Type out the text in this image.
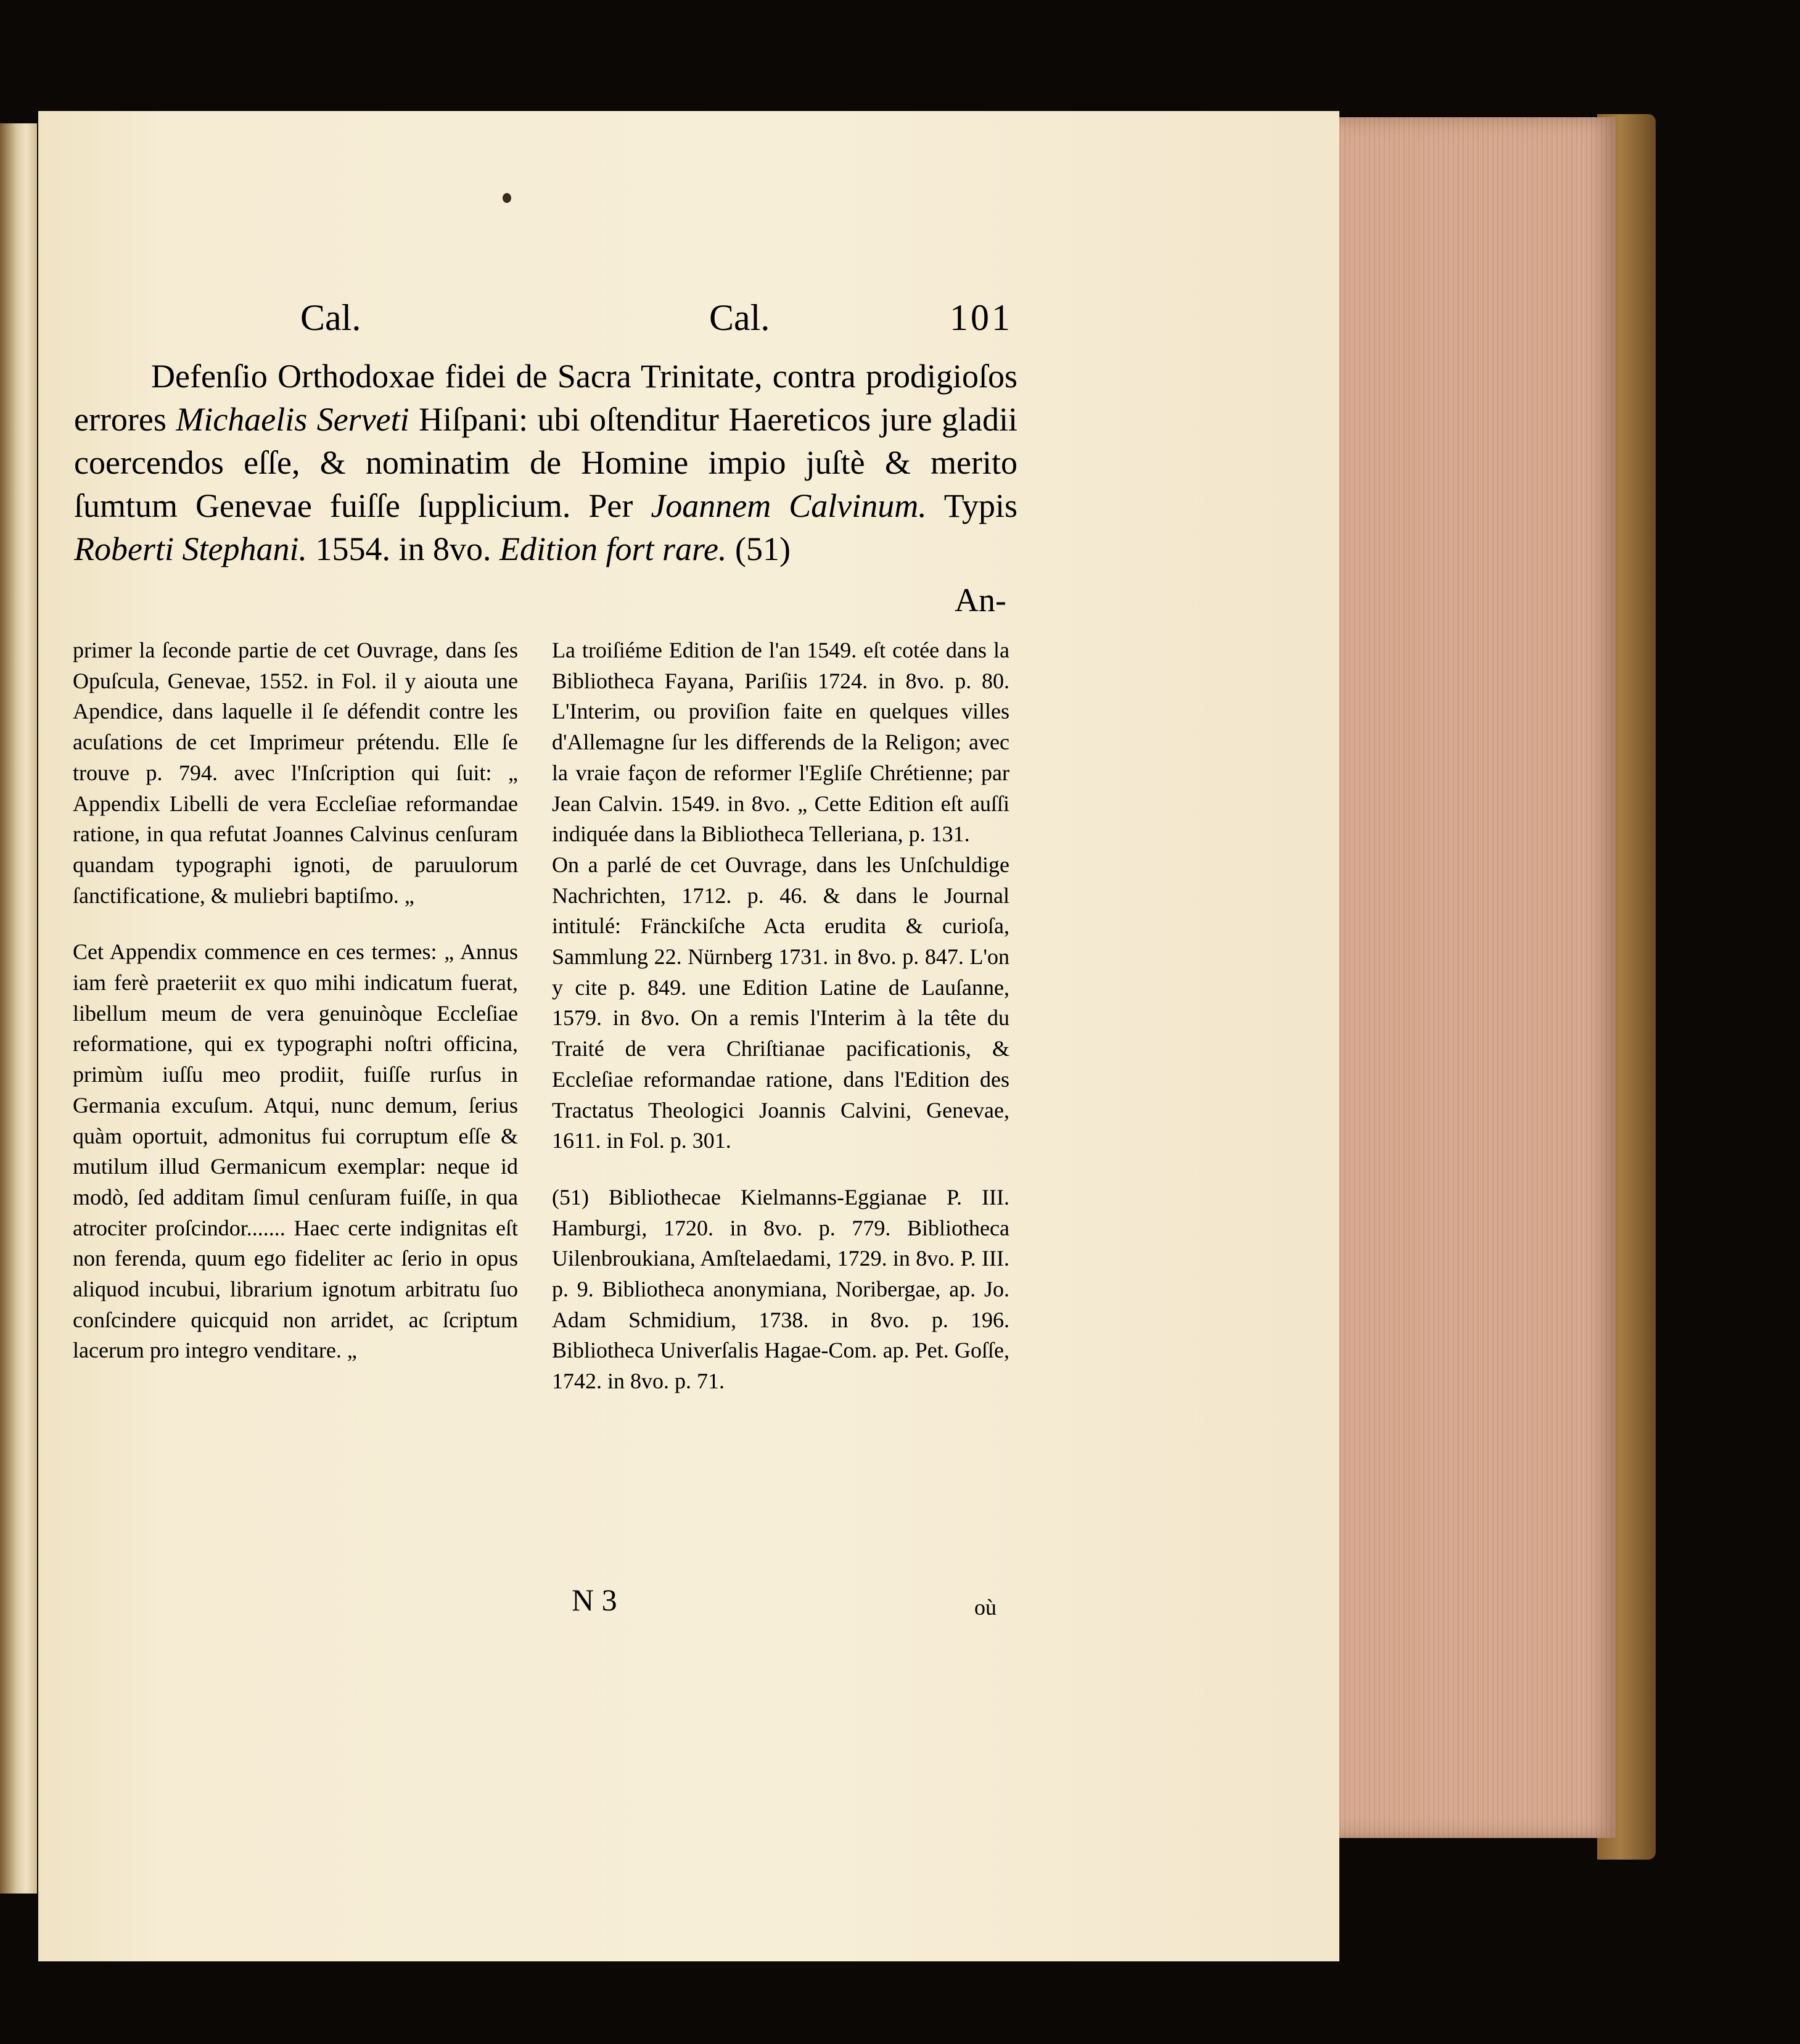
Cal.	Cal.	101
Defenſio Orthodoxae fidei de Sacra Trinitate, contra prodigioſos errores Michaelis Serveti Hiſpani: ubi oſtenditur Haereticos jure gladii coercendos eſſe, & nominatim de Homine impio juſtè & merito ſumtum Genevae fuiſſe ſupplicium. Per Joannem Calvinum. Typis Roberti Stephani. 1554. in 8vo. Edition fort rare. (51)
An-

primer la ſeconde partie de cet Ouvrage, dans ſes Opuſcula, Genevae, 1552. in Fol. il y aiouta une Apendice, dans laquelle il ſe défendit contre les acuſations de cet Imprimeur prétendu. Elle ſe trouve p. 794. avec l'Inſcription qui ſuit: „ Appendix Libelli de vera Eccleſiae reformandae ratione, in qua refutat Joannes Calvinus cenſuram quandam typographi ignoti, de paruulorum ſanctificatione, & muliebri baptiſmo. „

Cet Appendix commence en ces termes: „ Annus iam ferè praeteriit ex quo mihi indicatum fuerat, libellum meum de vera genuinòque Eccleſiae reformatione, qui ex typographi noſtri officina, primùm iuſſu meo prodiit, fuiſſe rurſus in Germania excuſum. Atqui, nunc demum, ſerius quàm oportuit, admonitus fui corruptum eſſe & mutilum illud Germanicum exemplar: neque id modò, ſed additam ſimul cenſuram fuiſſe, in qua atrociter proſcindor....... Haec certe indignitas eſt non ferenda, quum ego fideliter ac ſerio in opus aliquod incubui, librarium ignotum arbitratu ſuo conſcindere quicquid non arridet, ac ſcriptum lacerum pro integro venditare. „

La troiſiéme Edition de l'an 1549. eſt cotée dans la Bibliotheca Fayana, Pariſiis 1724. in 8vo. p. 80. L'Interim, ou proviſion faite en quelques villes d'Allemagne ſur les differends de la Religon; avec la vraie façon de reformer l'Egliſe Chrétienne; par Jean Calvin. 1549. in 8vo. „ Cette Edition eſt auſſi indiquée dans la Bibliotheca Telleriana, p. 131.

On a parlé de cet Ouvrage, dans les Unſchuldige Nachrichten, 1712. p. 46. & dans le Journal intitulé: Fränckiſche Acta erudita & curioſa, Sammlung 22. Nürnberg 1731. in 8vo. p. 847. L'on y cite p. 849. une Edition Latine de Lauſanne, 1579. in 8vo. On a remis l'Interim à la tête du Traité de vera Chriſtianae pacificationis, & Eccleſiae reformandae ratione, dans l'Edition des Tractatus Theologici Joannis Calvini, Genevae, 1611. in Fol. p. 301.

(51) Bibliothecae Kielmanns-Eggianae P. III. Hamburgi, 1720. in 8vo. p. 779. Bibliotheca Uilenbroukiana, Amſtelaedami, 1729. in 8vo. P. III. p. 9. Bibliotheca anonymiana, Noribergae, ap. Jo. Adam Schmidium, 1738. in 8vo. p. 196. Bibliotheca Univerſalis Hagae-Com. ap. Pet. Goſſe, 1742. in 8vo. p. 71.

N 3	où
